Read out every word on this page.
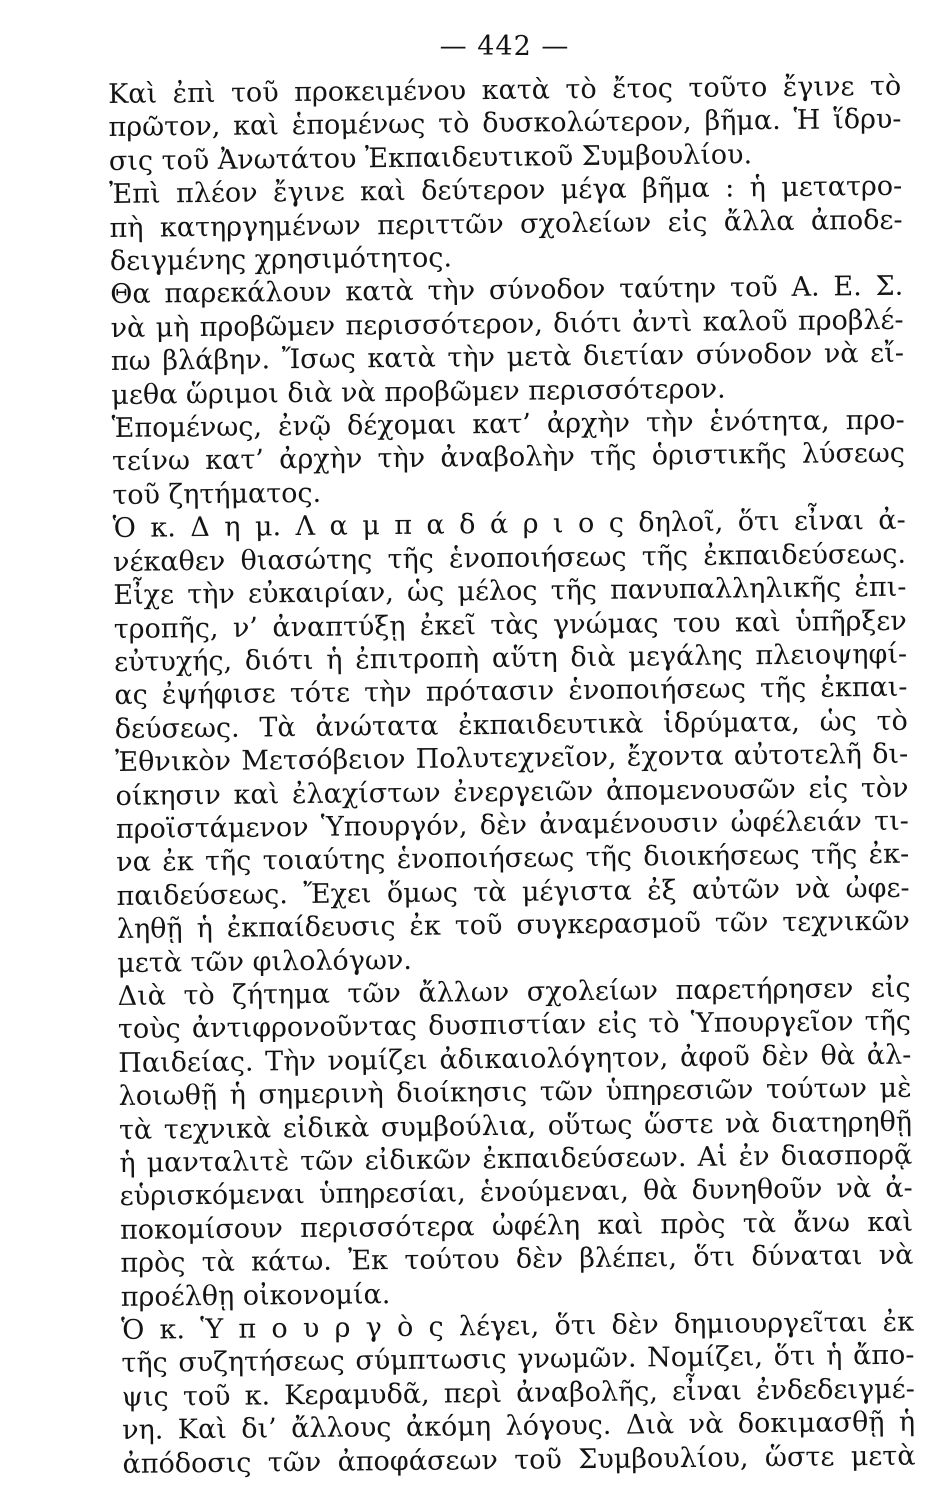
— 442 —
Καὶ ἐπὶ τοῦ προκειμένου κατὰ τὸ ἔτος τοῦτο ἔγινε τὸ
πρῶτον, καὶ ἑπομένως τὸ δυσκολώτερον, βῆμα. Ἡ ἵδρυ-
σις τοῦ Ἀνωτάτου Ἐκπαιδευτικοῦ Συμβουλίου.
Ἐπὶ πλέον ἔγινε καὶ δεύτερον μέγα βῆμα : ἡ μετατρο-
πὴ κατηργημένων περιττῶν σχολείων εἰς ἄλλα ἀποδε-
δειγμένης χρησιμότητος.
Θα παρεκάλουν κατὰ τὴν σύνοδον ταύτην τοῦ Α. Ε. Σ.
νὰ μὴ προβῶμεν περισσότερον, διότι ἀντὶ καλοῦ προβλέ-
πω βλάβην. Ἴσως κατὰ τὴν μετὰ διετίαν σύνοδον νὰ εἴ-
μεθα ὥριμοι διὰ νὰ προβῶμεν περισσότερον.
Ἑπομένως, ἐνῷ δέχομαι κατ’ ἀρχὴν τὴν ἑνότητα, προ-
τείνω κατ’ ἀρχὴν τὴν ἀναβολὴν τῆς ὁριστικῆς λύσεως
τοῦ ζητήματος.
Ὁ κ. Δ η μ. Λ α μ π α δ ά ρ ι ο ς δηλοῖ, ὅτι εἶναι ἀ-
νέκαθεν θιασώτης τῆς ἑνοποιήσεως τῆς ἐκπαιδεύσεως.
Εἶχε τὴν εὐκαιρίαν, ὡς μέλος τῆς πανυπαλληλικῆς ἐπι-
τροπῆς, ν’ ἀναπτύξῃ ἐκεῖ τὰς γνώμας του καὶ ὑπῆρξεν
εὐτυχής, διότι ἡ ἐπιτροπὴ αὕτη διὰ μεγάλης πλειοψηφί-
ας ἐψήφισε τότε τὴν πρότασιν ἑνοποιήσεως τῆς ἐκπαι-
δεύσεως. Τὰ ἀνώτατα ἐκπαιδευτικὰ ἱδρύματα, ὡς τὸ
Ἐθνικὸν Μετσόβειον Πολυτεχνεῖον, ἔχοντα αὐτοτελῆ δι-
οίκησιν καὶ ἐλαχίστων ἐνεργειῶν ἀπομενουσῶν εἰς τὸν
προϊστάμενον Ὑπουργόν, δὲν ἀναμένουσιν ὠφέλειάν τι-
να ἐκ τῆς τοιαύτης ἑνοποιήσεως τῆς διοικήσεως τῆς ἐκ-
παιδεύσεως. Ἔχει ὅμως τὰ μέγιστα ἐξ αὐτῶν νὰ ὠφε-
ληθῇ ἡ ἐκπαίδευσις ἐκ τοῦ συγκερασμοῦ τῶν τεχνικῶν
μετὰ τῶν φιλολόγων.
Διὰ τὸ ζήτημα τῶν ἄλλων σχολείων παρετήρησεν εἰς
τοὺς ἀντιφρονοῦντας δυσπιστίαν εἰς τὸ Ὑπουργεῖον τῆς
Παιδείας. Τὴν νομίζει ἀδικαιολόγητον, ἀφοῦ δὲν θὰ ἀλ-
λοιωθῇ ἡ σημερινὴ διοίκησις τῶν ὑπηρεσιῶν τούτων μὲ
τὰ τεχνικὰ εἰδικὰ συμβούλια, οὕτως ὥστε νὰ διατηρηθῇ
ἡ μανταλιτὲ τῶν εἰδικῶν ἐκπαιδεύσεων. Αἱ ἐν διασπορᾷ
εὑρισκόμεναι ὑπηρεσίαι, ἑνούμεναι, θὰ δυνηθοῦν νὰ ἀ-
ποκομίσουν περισσότερα ὠφέλη καὶ πρὸς τὰ ἄνω καὶ
πρὸς τὰ κάτω. Ἐκ τούτου δὲν βλέπει, ὅτι δύναται νὰ
προέλθῃ οἰκονομία.
Ὁ κ. Ὑ π ο υ ρ γ ὸ ς λέγει, ὅτι δὲν δημιουργεῖται ἐκ
τῆς συζητήσεως σύμπτωσις γνωμῶν. Νομίζει, ὅτι ἡ ἄπο-
ψις τοῦ κ. Κεραμυδᾶ, περὶ ἀναβολῆς, εἶναι ἐνδεδειγμέ-
νη. Καὶ δι’ ἄλλους ἀκόμη λόγους. Διὰ νὰ δοκιμασθῇ ἡ
ἀπόδοσις τῶν ἀποφάσεων τοῦ Συμβουλίου, ὥστε μετὰ
